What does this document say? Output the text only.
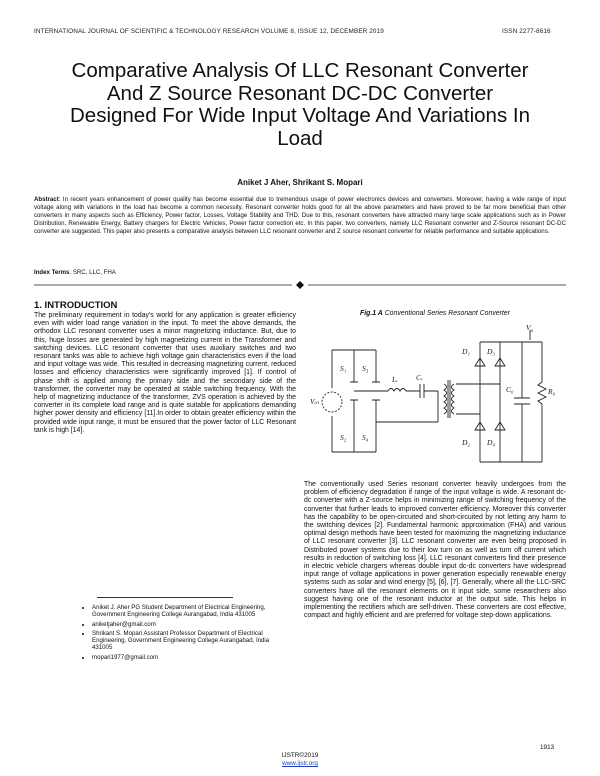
INTERNATIONAL JOURNAL OF SCIENTIFIC & TECHNOLOGY RESEARCH VOLUME 8, ISSUE 12, DECEMBER 2019	ISSN 2277-8616
Comparative Analysis Of LLC Resonant Converter
And Z Source Resonant DC-DC Converter
Designed For Wide Input Voltage And Variations In
Load
Aniket J Aher, Shrikant S. Mopari
Abstract: In recent years enhancement of power quality has become essential due to tremendous usage of power electronics devices and converters. Moreover, having a wide range of input voltage along with variations in the load has become a common necessity. Resonant converter holds good for all the above parameters and have proved to be far more beneficial than other converters in many aspects such as Efficiency, Power factor, Losses, Voltage Stability and THD. Due to this, resonant converters have attracted many large scale applications such as in Power Distribution, Renewable Energy, Battery chargers for Electric Vehicles, Power factor correction etc. In this paper, two converters, namely LLC Resonant converter and Z-Source resonant DC-DC converter are suggested. This paper also presents a comparative analysis between LLC resonant converter and Z source resonant converter for reliable performance and suitable applications.
Index Terms: SRC, LLC, FHA
1. INTRODUCTION
The preliminary requirement in today's world for any application is greater efficiency even with wider load range variation in the input. To meet the above demands, the orthodox LLC resonant converter uses a minor magnetizing inductance. But, due to this, huge losses are generated by high magnetizing current in the Transformer and switching devices. LLC resonant converter that uses auxiliary switches and two resonant tanks was able to achieve high voltage gain characteristics even if the load and input voltage was wide. This resulted in decreasing magnetizing current, reduced losses and efficiency characteristics were significantly improved [1]. If control of phase shift is applied among the primary side and the secondary side of the transformer, the converter may be operated at stable switching frequency. With the help of magnetizing inductance of the transformer, ZVS operation is achieved by the converter in its complete load range and is quite suitable for applications demanding higher power density and efficiency [11].In order to obtain greater efficiency within the provided wide input range, it must be ensured that the power factor of LLC Resonant tank is high [14].
Fig.1 A Conventional Series Resonant Converter
$V_o$
S₁ S₃
S₂ S₄
Lᵣ Cᵣ
D₁ D₃
D₂ D₄
Vᵢₙ
C₀	R₀
The conventionally used Series resonant converter heavily undergoes from the problem of efficiency degradation if range of the input voltage is wide. A resonant dc-dc converter with a Z-source helps in minimizing range of switching frequency of the converter that further leads to improved converter efficiency. Moreover this converter has the capability to be open-circuited and short-circuited by not letting any harm to the switching devices [2]. Fundamental harmonic approximation (FHA) and various optimal design methods have been tested for maximizing the magnetizing inductance of LLC resonant converter [3]. LLC resonant converter are even being proposed in Distributed power systems due to their low turn on as well as turn off current which results in reduction of switching loss [4]. LLC resonant converters find their presence in electric vehicle chargers whereas double input dc-dc converters have widespread input range of voltage applications in power generation especially renewable energy systems such as solar and wind energy [5], [6], [7]. Generally, where all the LLC-SRC converters have all the resonant elements on it input side, some researchers also suggest having one of the resonant inductor at the output side. This helps in implementing the rectifiers which are self-driven. These converters are cost effective, compact and highly efficient and are preferred for voltage step-down applications.
• Aniket J. Aher PG Student Department of Electrical Engineering, Government Engineering College Aurangabad, India 431005
• aniketjaher@gmail.com
• Shrikant S. Mopari Assistant Professor Department of Electrical Engineering, Government Engineering College Aurangabad, India 431005
• mopari1977@gmail.com
IJSTR©2019
www.ijstr.org
1913
